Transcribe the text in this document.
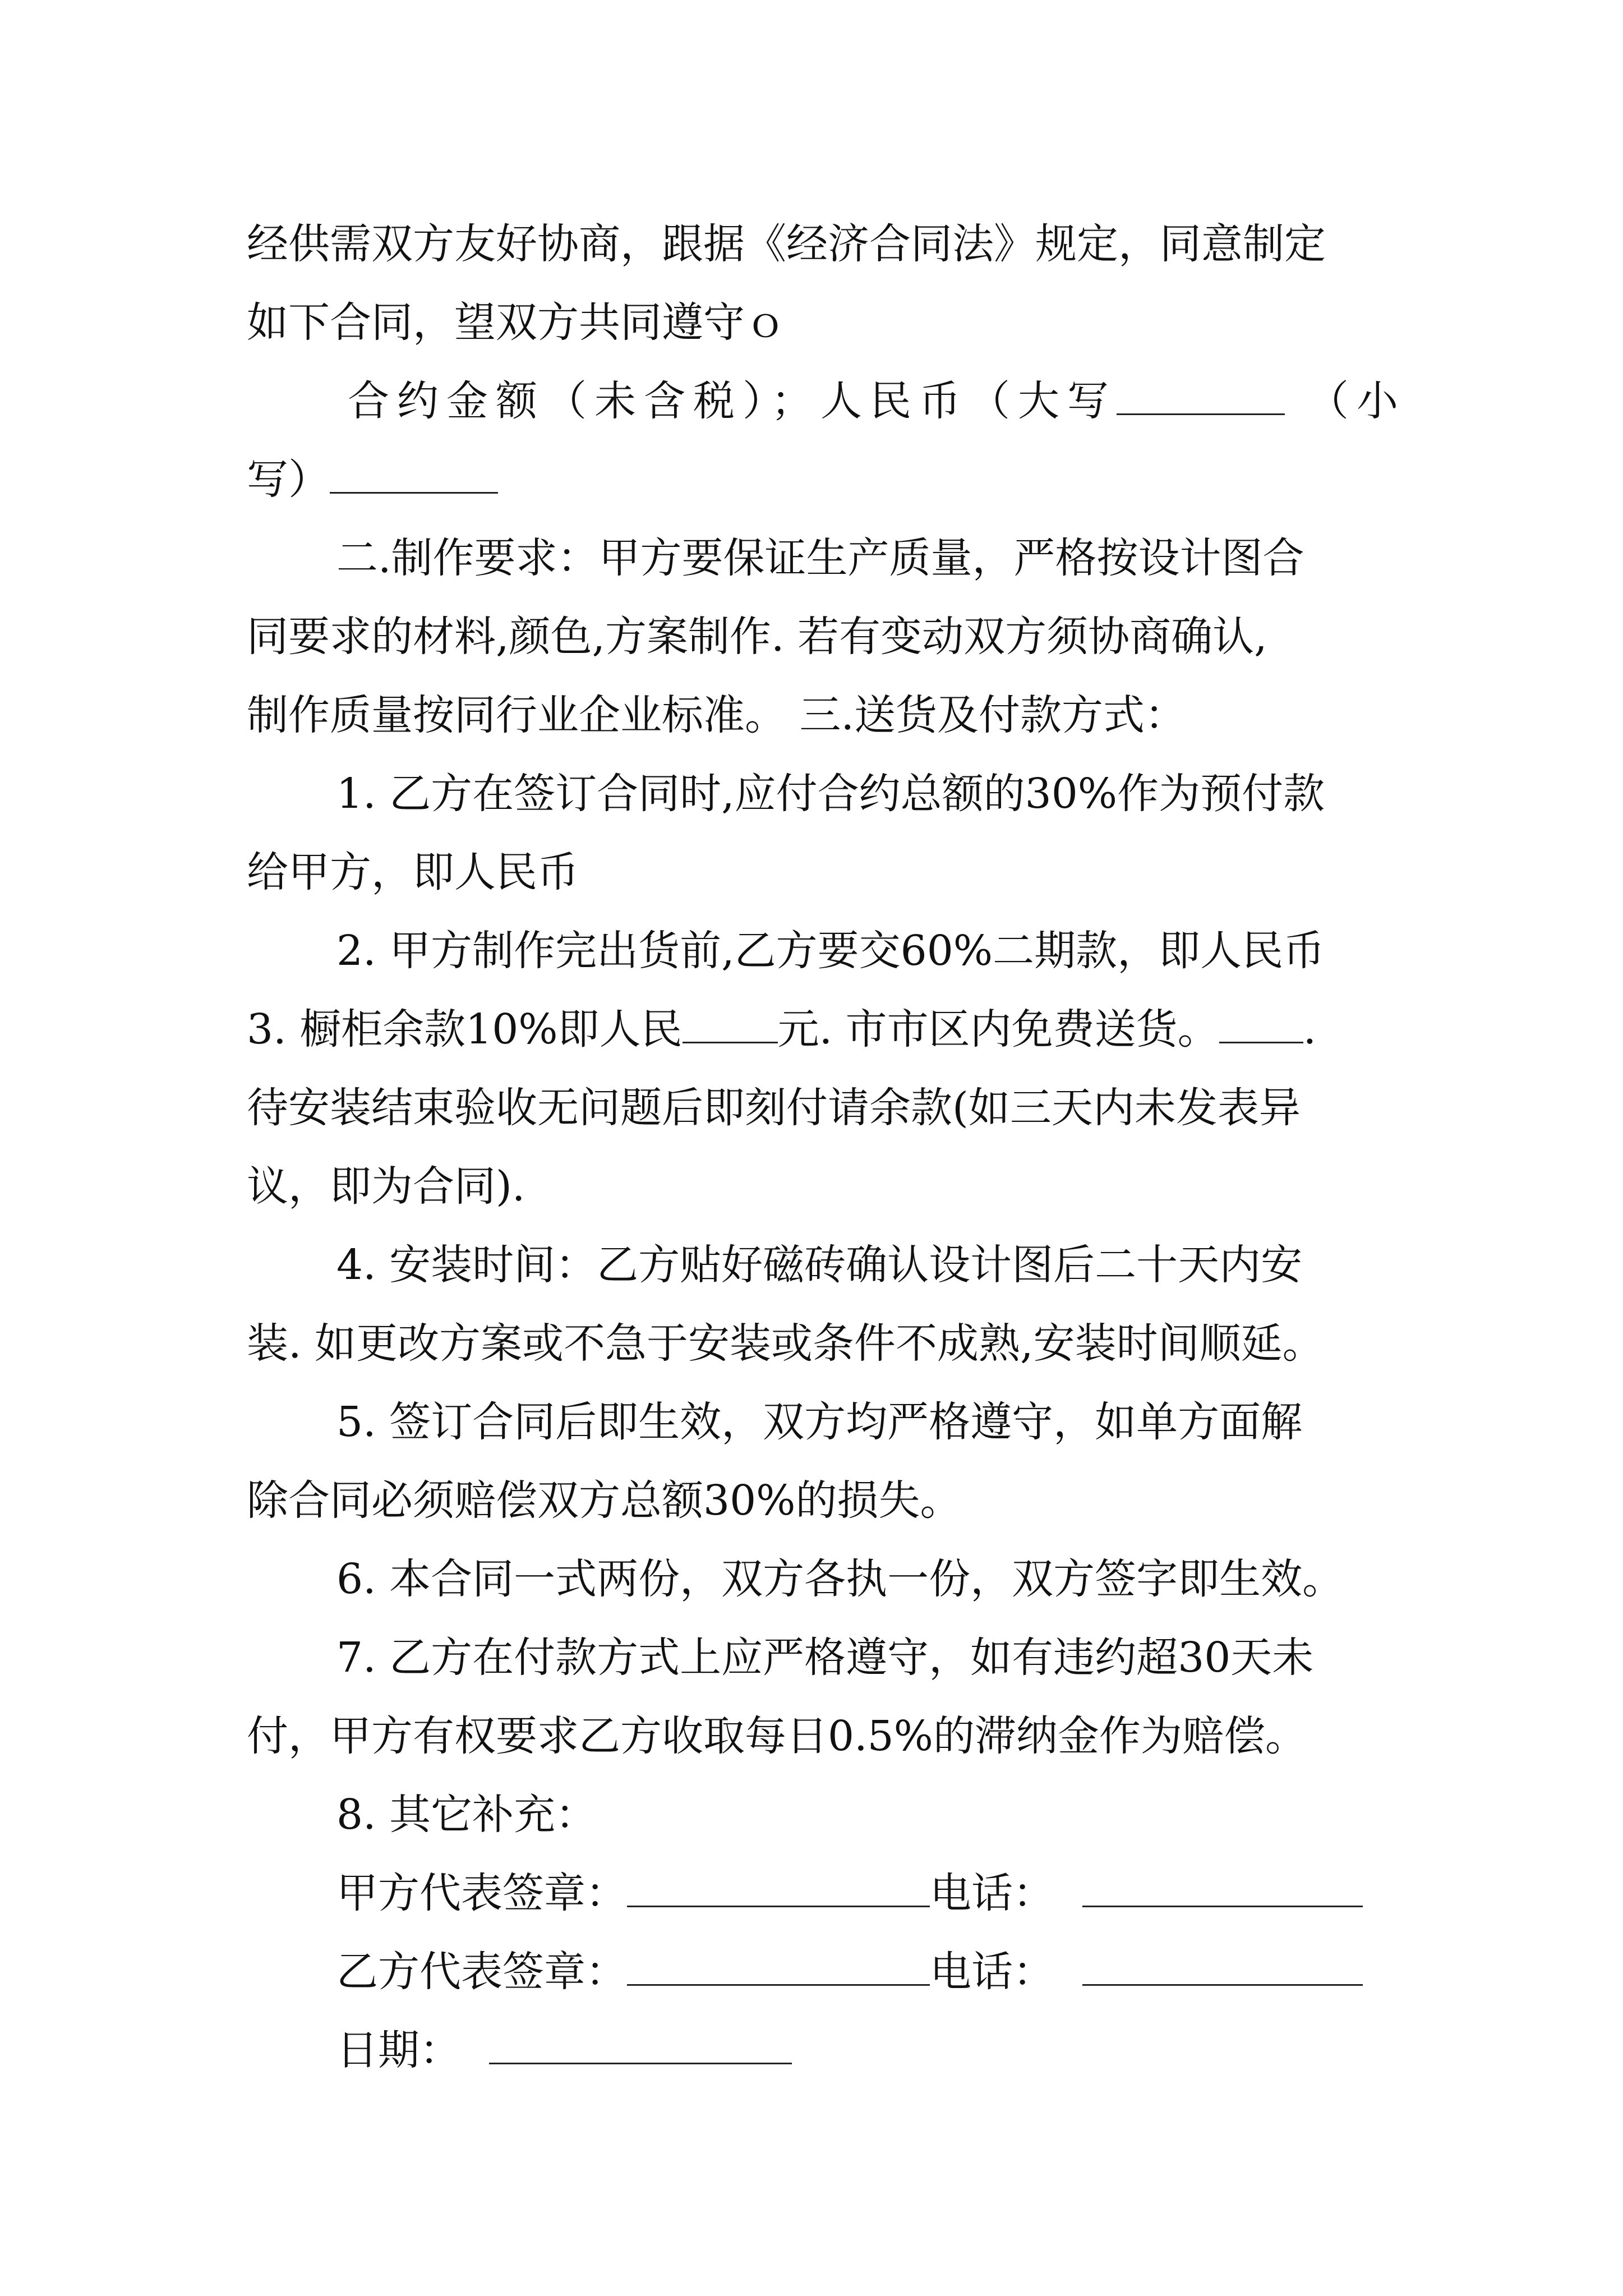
经供需双方友好协商，跟据《经济合同法》规定，同意制定
如下合同，望双方共同遵守ｏ
合约金额（未含税）；人民币（大写	（小
写）
二.制作要求：甲方要保证生产质量，严格按设计图合
同要求的材料,颜色,方案制作. 若有变动双方须协商确认,
制作质量按同行业企业标准。 三.送货及付款方式：
1. 乙方在签订合同时,应付合约总额的30%作为预付款
给甲方，即人民币
2. 甲方制作完出货前,乙方要交60%二期款，即人民币
3. 橱柜余款10%即人民 元. 市市区内免费送货。 .
待安装结束验收无问题后即刻付请余款(如三天内未发表异
议，即为合同).
4. 安装时间：乙方贴好磁砖确认设计图后二十天内安
装. 如更改方案或不急于安装或条件不成熟,安装时间顺延。
5. 签订合同后即生效，双方均严格遵守，如单方面解
除合同必须赔偿双方总额30%的损失。
6. 本合同一式两份，双方各执一份，双方签字即生效。
7. 乙方在付款方式上应严格遵守，如有违约超30天未
付，甲方有权要求乙方收取每日0.5%的滞纳金作为赔偿。
8. 其它补充：
甲方代表签章：	电话：
乙方代表签章：	电话：
日期：
